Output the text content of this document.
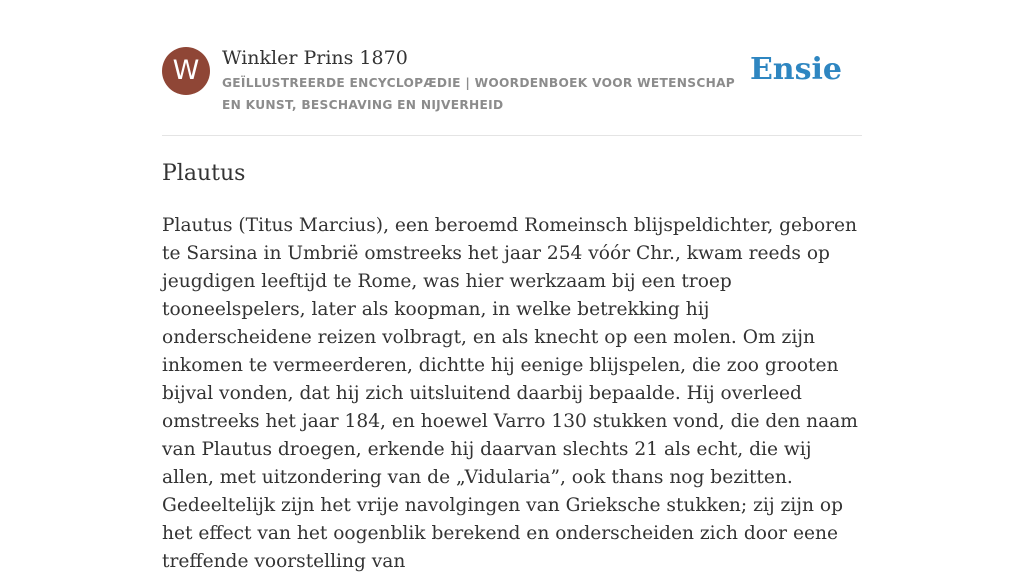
W	Winkler Prins 1870
GEÏLLUSTREERDE ENCYCLOPÆDIE | WOORDENBOEK VOOR WETENSCHAP EN KUNST, BESCHAVING EN NIJVERHEID
Ensie
Plautus

Plautus (Titus Marcius), een beroemd Romeinsch blijspeldichter, geboren te Sarsina in Umbrië omstreeks het jaar 254 vóór Chr., kwam reeds op jeugdigen leeftijd te Rome, was hier werkzaam bij een troep tooneelspelers, later als koopman, in welke betrekking hij onderscheidene reizen volbragt, en als knecht op een molen. Om zijn inkomen te vermeerderen, dichtte hij eenige blijspelen, die zoo grooten bijval vonden, dat hij zich uitsluitend daarbij bepaalde. Hij overleed omstreeks het jaar 184, en hoewel Varro 130 stukken vond, die den naam van Plautus droegen, erkende hij daarvan slechts 21 als echt, die wij allen, met uitzondering van de „Vidularia”, ook thans nog bezitten. Gedeeltelijk zijn het vrije navolgingen van Grieksche stukken; zij zijn op het effect van het oogenblik berekend en onderscheiden zich door eene treffende voorstelling van
